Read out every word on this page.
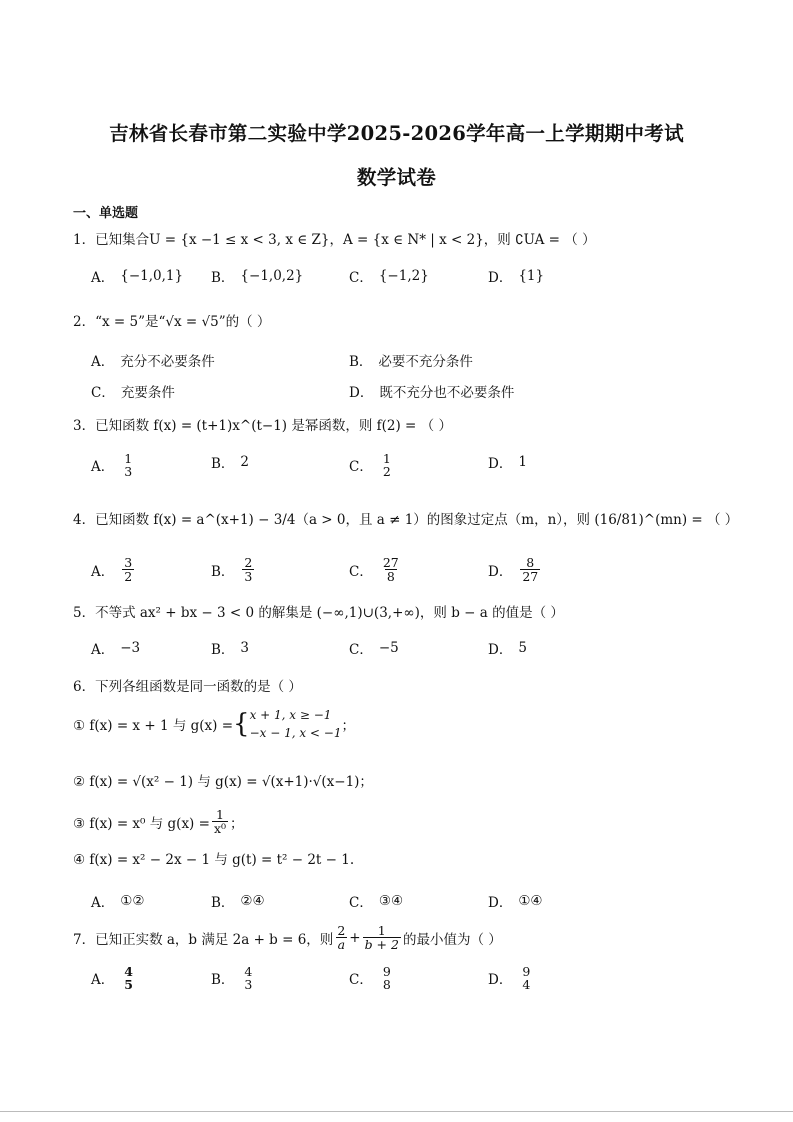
吉林省长春市第二实验中学2025-2026学年高一上学期期中考试
数学试卷
一、单选题
1．已知集合U = {x −1 ≤ x < 3, x ∈ Z}，A = {x ∈ N* | x < 2}，则 ∁UA = （ ）
A． {−1,0,1} B． {−1,0,2}	C． {−1,2}	D． {1}
2．“x = 5”是“√x = √5”的（ ）
A． 充分不必要条件	B． 必要不充分条件
C． 充要条件	D． 既不充分也不必要条件
3．已知函数 f(x) = (t+1)x^(t−1) 是幂函数，则 f(2) = （ ）
A．
1
3	B． 2	C．
1
2	D． 1
4．已知函数 f(x) = a^(x+1) − 3/4（a > 0，且 a ≠ 1）的图象过定点（m，n），则 (16/81)^(mn) = （ ）
A． $\frac{3}{2}$	B． $\frac{2}{3}$	C． $\frac{27}{8}$	D． $\frac{8}{27}$
5．不等式 ax² + bx − 3 < 0 的解集是 (−∞,1)∪(3,+∞)，则 b − a 的值是（ ）
A． −3	B． 3	C． −5	D． 5
6．下列各组函数是同一函数的是（ ）
① f(x) = x + 1 与 g(x) = { x + 1, x ≥ −1
−x − 1, x < −1 ；
② f(x) = √(x² − 1) 与 g(x) = √(x+1)·√(x−1)；
③ f(x) = x⁰ 与 $g(x) = \frac{1}{\text{x⁰}}$ ；
④ f(x) = x² − 2x − 1 与 g(t) = t² − 2t − 1.
A． ①②	B． ②④	C． ③④	D． ①④
7．已知正实数 a，b 满足 2a + b = 6，则 $\frac{2}{a} + \frac{1}{b + 2}$ 的最小值为（ ）
A．
4
5	B．
4
3	C．
9
8	D．
9
4
